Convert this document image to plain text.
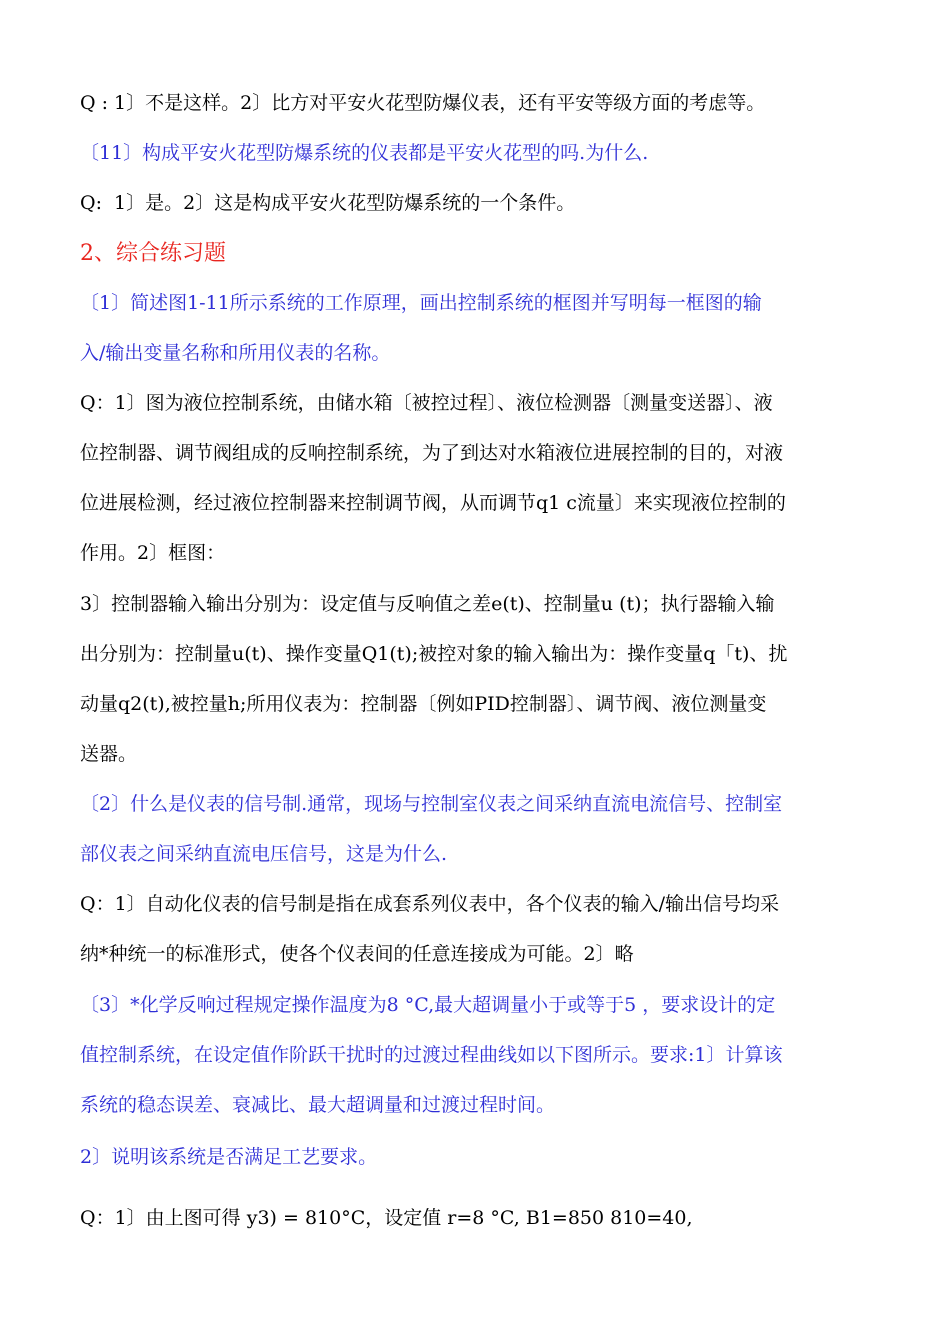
Q : 1〕不是这样。2〕比方对平安火花型防爆仪表，还有平安等级方面的考虑等。
〔11〕构成平安火花型防爆系统的仪表都是平安火花型的吗.为什么.
Q:  1〕是。2〕这是构成平安火花型防爆系统的一个条件。
2、综合练习题
〔1〕简述图1-11所示系统的工作原理，画出控制系统的框图并写明每一框图的输
入/输出变量名称和所用仪表的名称。
Q：1〕图为液位控制系统，由储水箱〔被控过程〕、液位检测器〔测量变送器〕、液
位控制器、调节阀组成的反响控制系统，为了到达对水箱液位进展控制的目的，对液
位进展检测，经过液位控制器来控制调节阀，从而调节q1 c流量〕来实现液位控制的
作用。2〕框图：
3〕控制器输入输出分别为：设定值与反响值之差e(t)、控制量u (t)；执行器输入输
出分别为：控制量u(t)、操作变量Q1(t);被控对象的输入输出为：操作变量q「t)、扰
动量q2(t),被控量h;所用仪表为：控制器〔例如PID控制器〕、调节阀、液位测量变
送器。
〔2〕什么是仪表的信号制.通常，现场与控制室仪表之间采纳直流电流信号、控制室
部仪表之间采纳直流电压信号，这是为什么.
Q：1〕自动化仪表的信号制是指在成套系列仪表中，各个仪表的输入/输出信号均采
纳*种统一的标准形式，使各个仪表间的任意连接成为可能。2〕略
〔3〕*化学反响过程规定操作温度为8 °C,最大超调量小于或等于5 ，要求设计的定
值控制系统，在设定值作阶跃干扰时的过渡过程曲线如以下图所示。要求:1〕计算该
系统的稳态误差、衰减比、最大超调量和过渡过程时间。
2〕说明该系统是否满足工艺要求。
Q：1〕由上图可得 y3) = 810°C，设定值 r=8 °C, B1=850 810=40,
